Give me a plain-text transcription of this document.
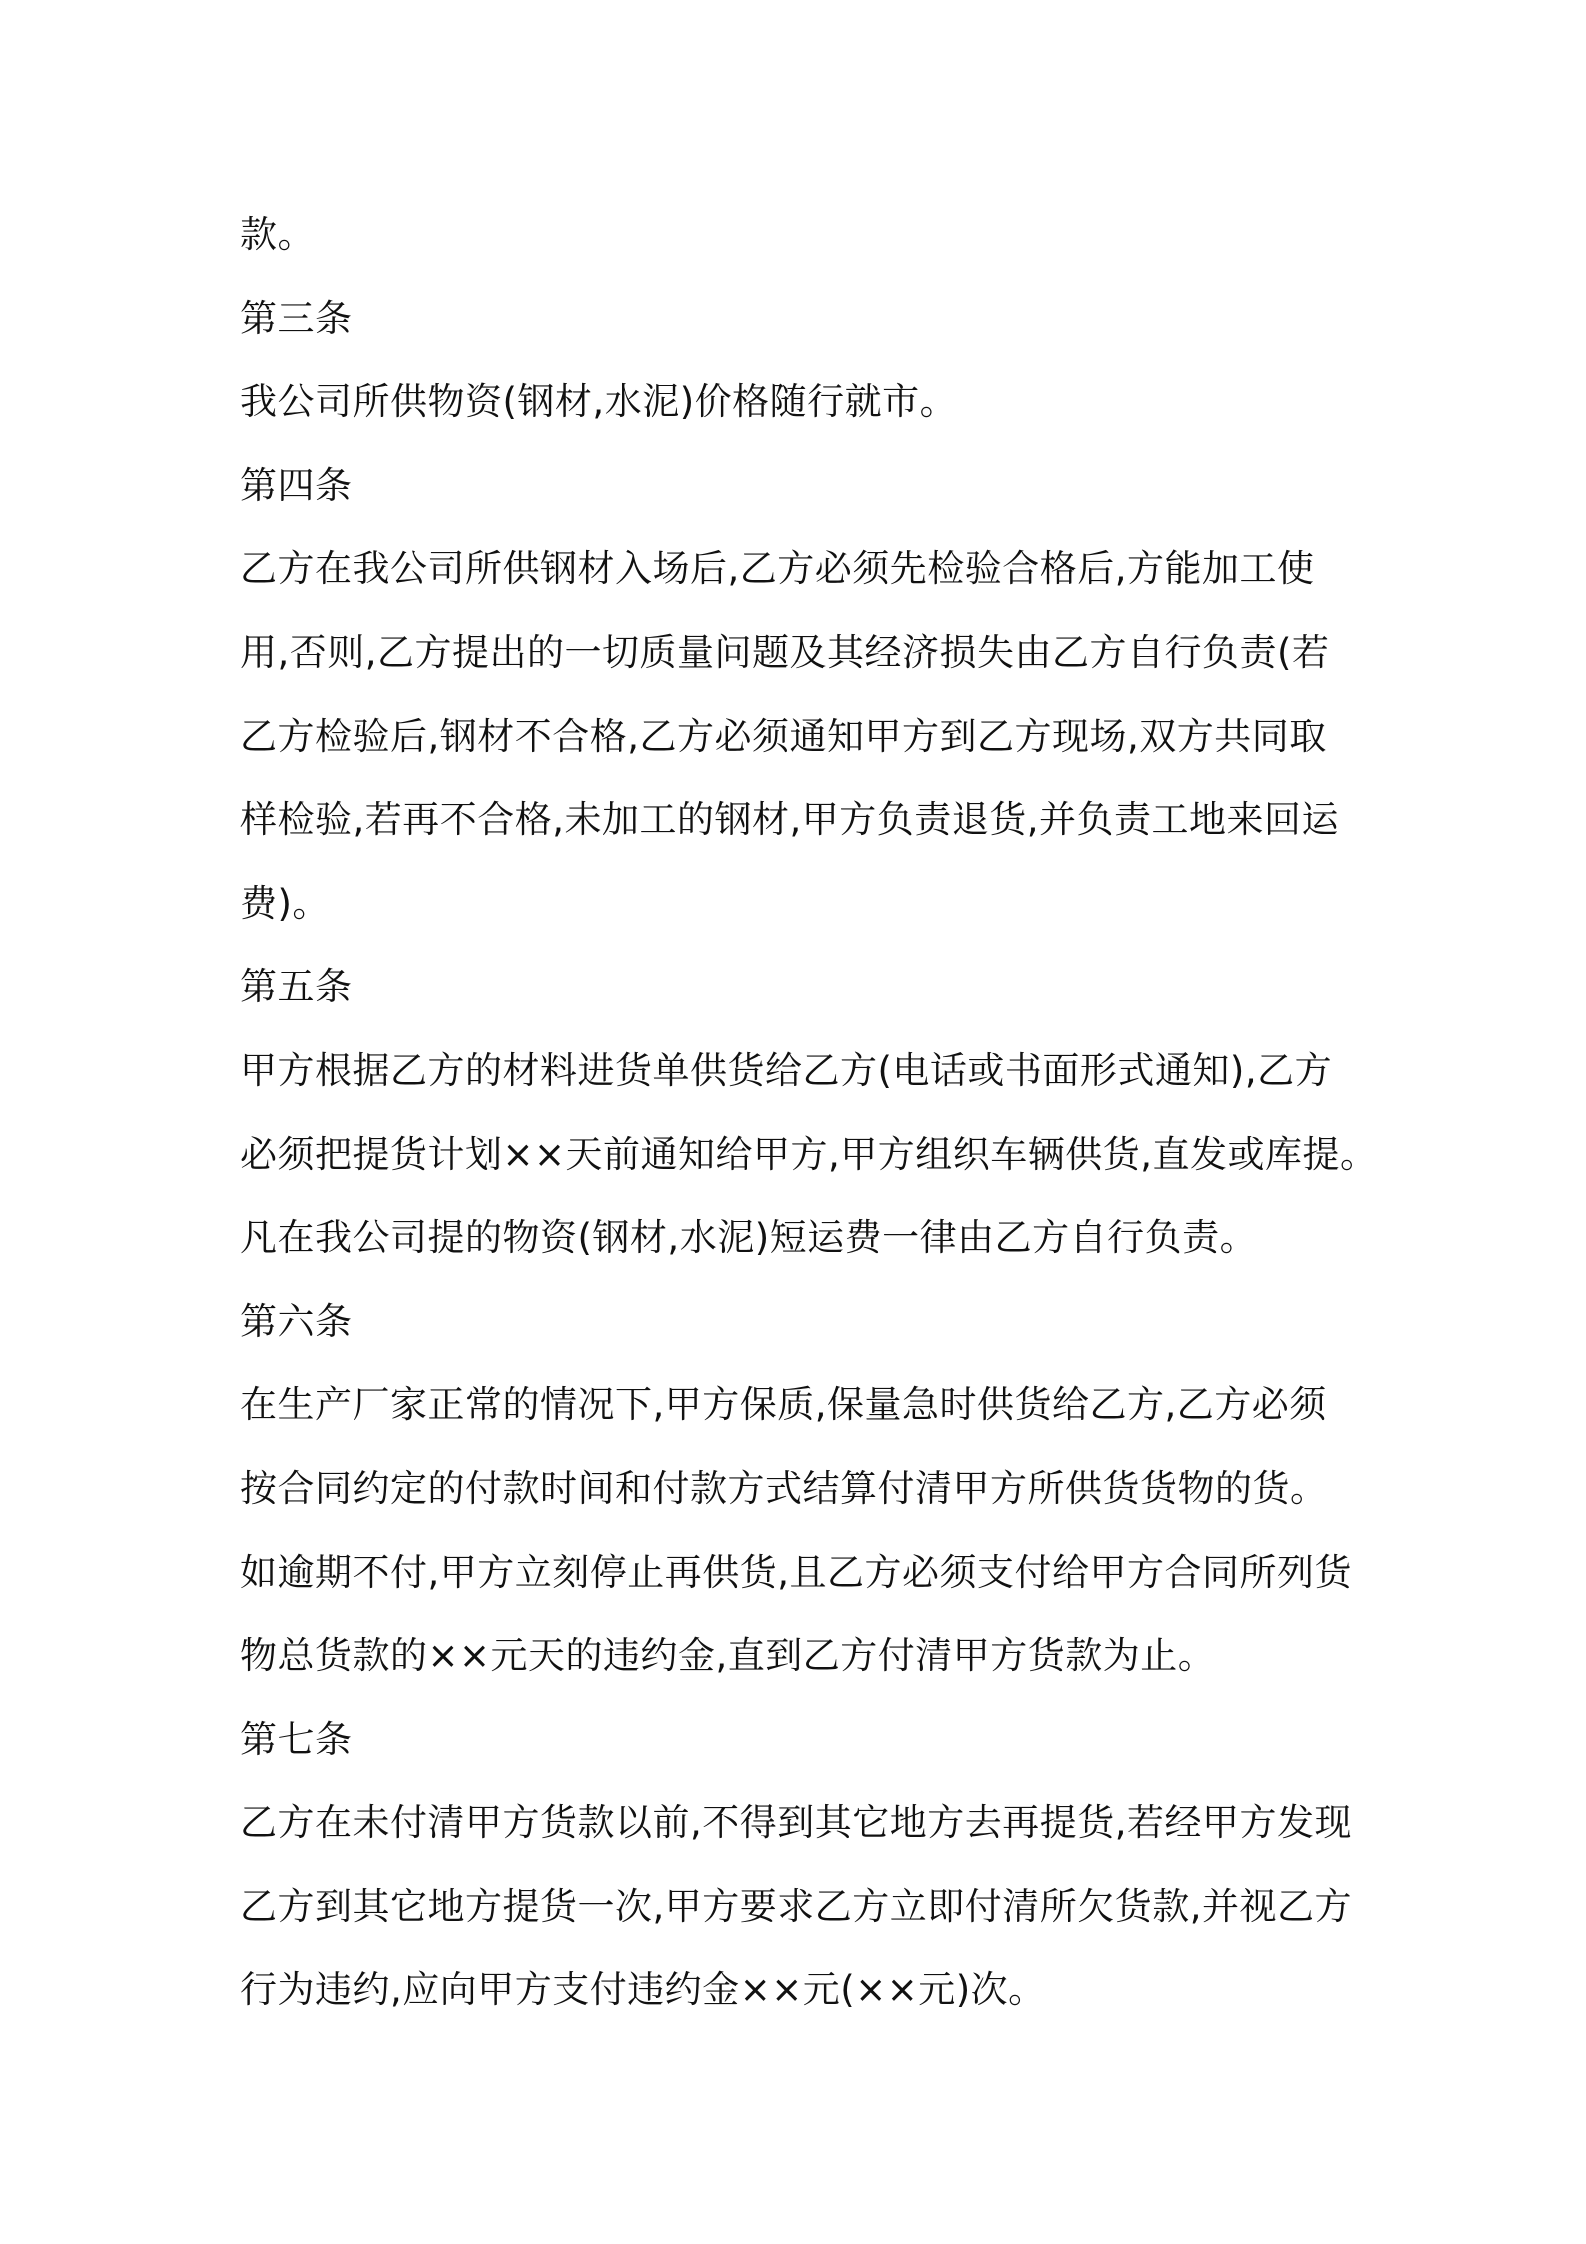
款。
第三条
我公司所供物资(钢材,水泥)价格随行就市。
第四条
乙方在我公司所供钢材入场后,乙方必须先检验合格后,方能加工使
用,否则,乙方提出的一切质量问题及其经济损失由乙方自行负责(若
乙方检验后,钢材不合格,乙方必须通知甲方到乙方现场,双方共同取
样检验,若再不合格,未加工的钢材,甲方负责退货,并负责工地来回运
费)。
第五条
甲方根据乙方的材料进货单供货给乙方(电话或书面形式通知),乙方
必须把提货计划××天前通知给甲方,甲方组织车辆供货,直发或库提。
凡在我公司提的物资(钢材,水泥)短运费一律由乙方自行负责。
第六条
在生产厂家正常的情况下,甲方保质,保量急时供货给乙方,乙方必须
按合同约定的付款时间和付款方式结算付清甲方所供货货物的货。
如逾期不付,甲方立刻停止再供货,且乙方必须支付给甲方合同所列货
物总货款的××元天的违约金,直到乙方付清甲方货款为止。
第七条
乙方在未付清甲方货款以前,不得到其它地方去再提货,若经甲方发现
乙方到其它地方提货一次,甲方要求乙方立即付清所欠货款,并视乙方
行为违约,应向甲方支付违约金××元(××元)次。
